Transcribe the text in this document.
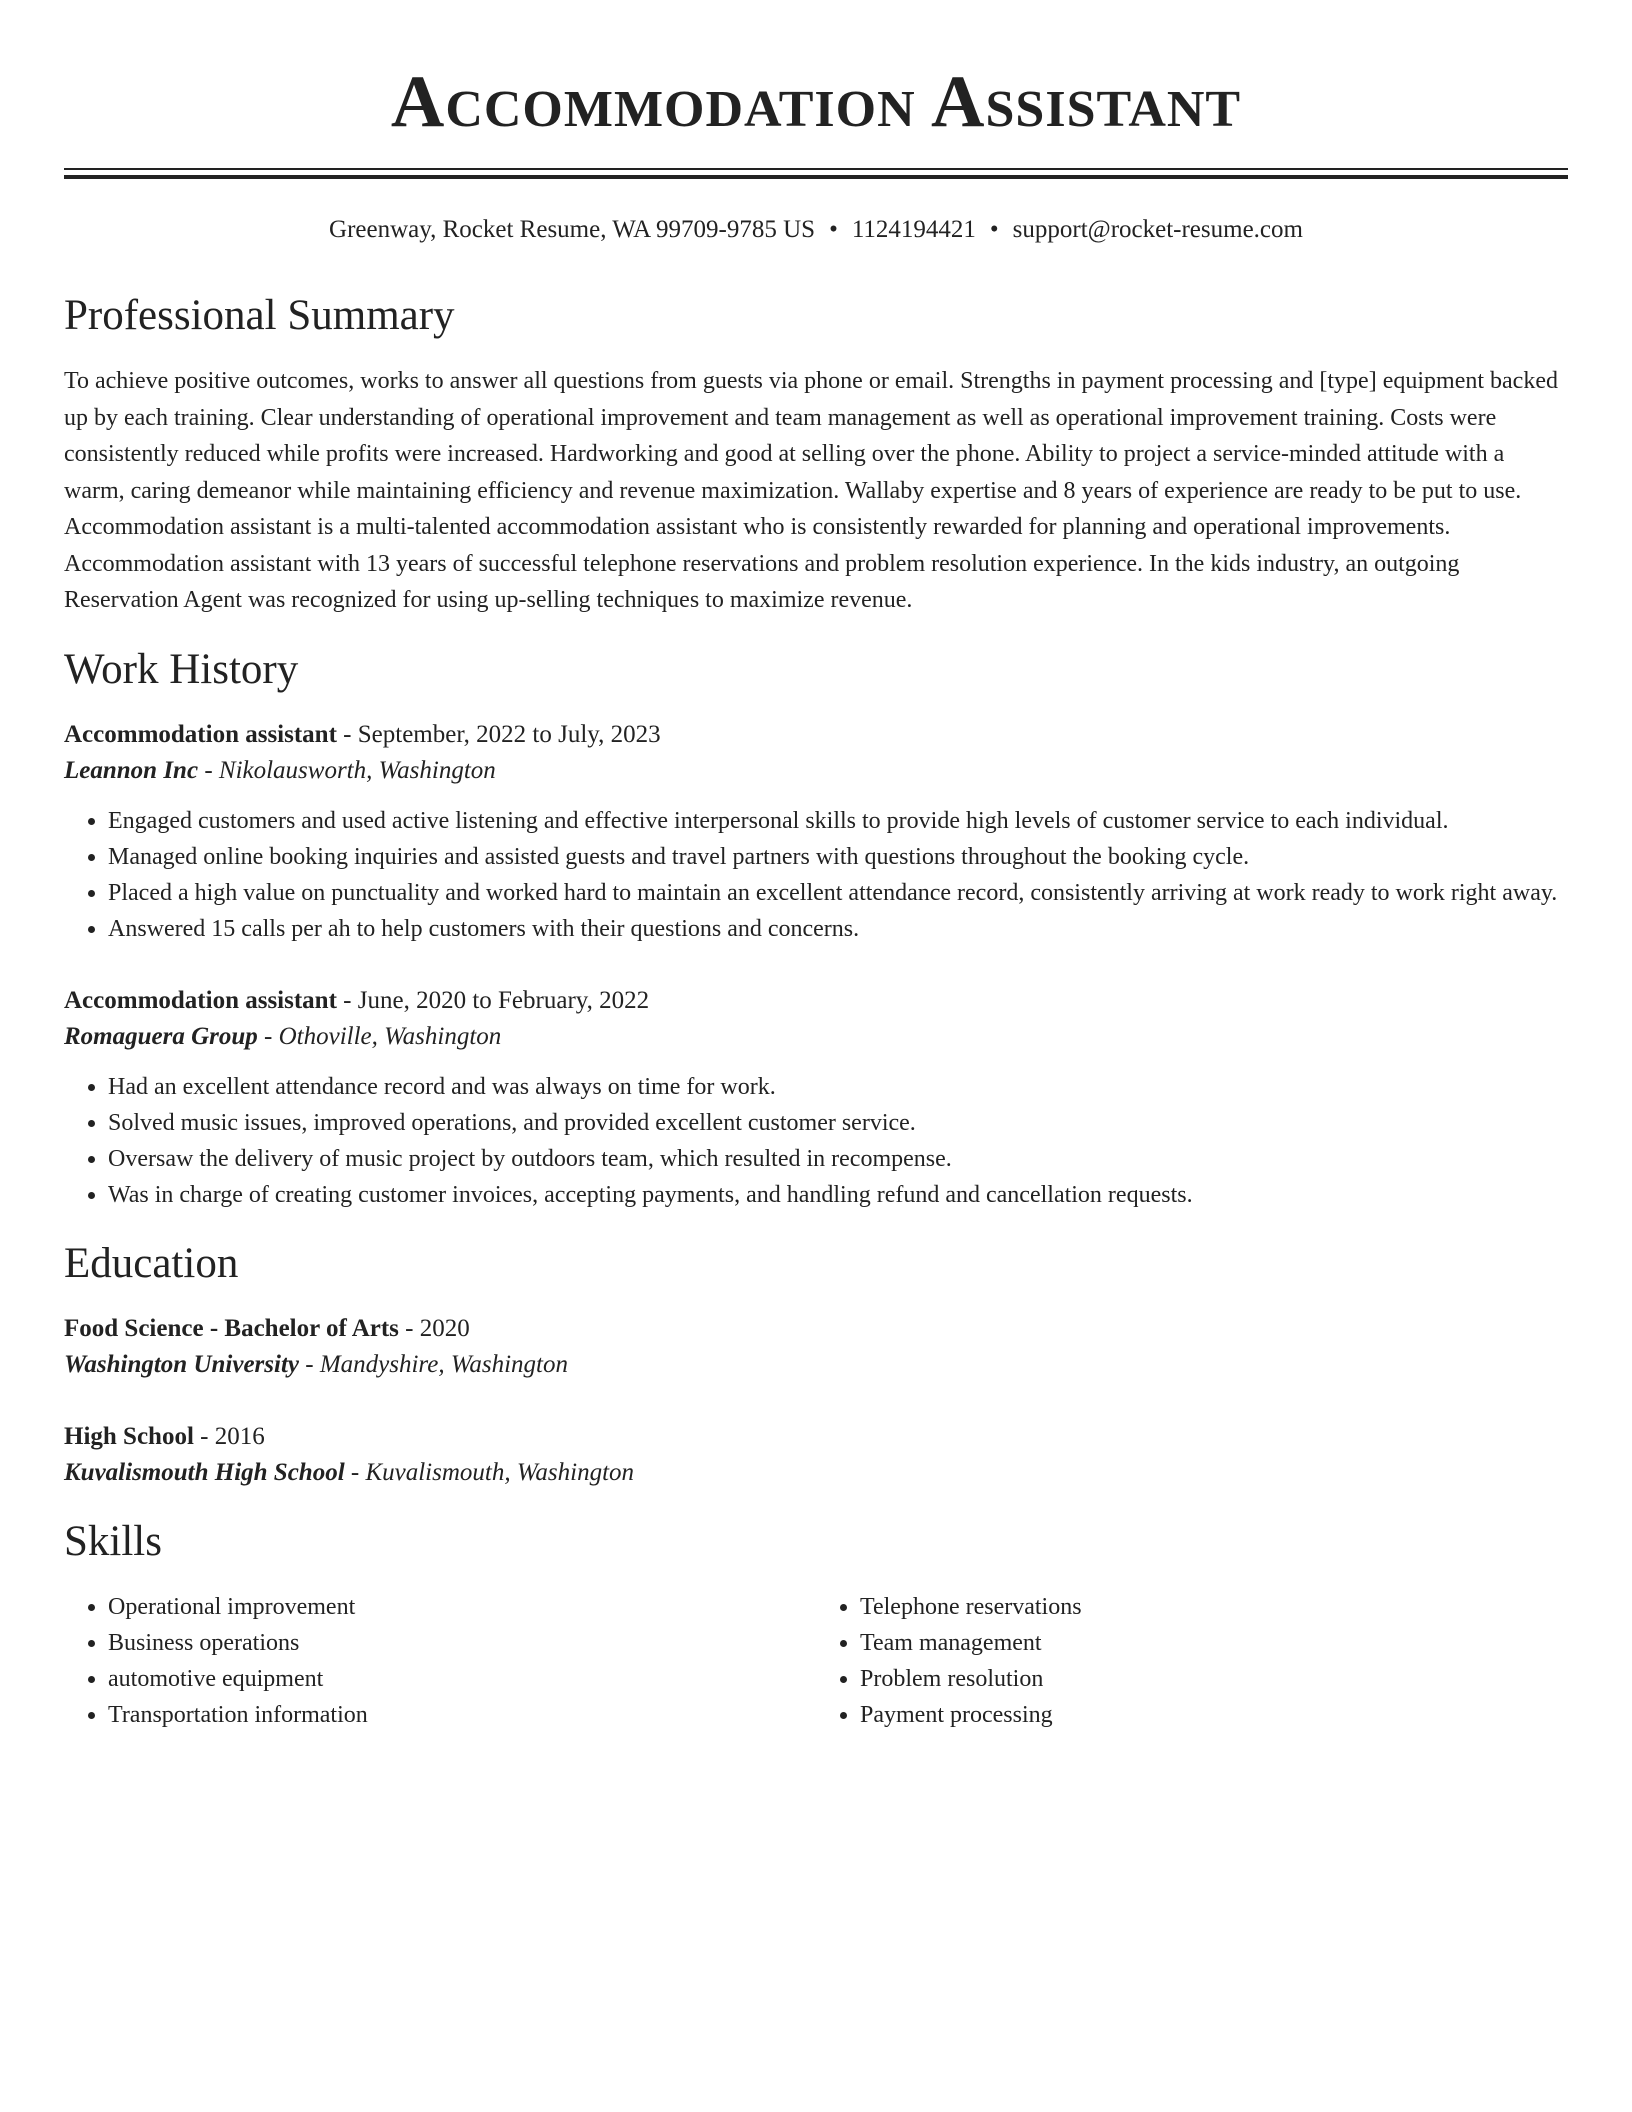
Accommodation Assistant
Greenway, Rocket Resume, WA 99709-9785 US • 1124194421 • support@rocket-resume.com
Professional Summary

To achieve positive outcomes, works to answer all questions from guests via phone or email. Strengths in payment processing and [type] equipment backed up by each training. Clear understanding of operational improvement and team management as well as operational improvement training. Costs were consistently reduced while profits were increased. Hardworking and good at selling over the phone. Ability to project a service-minded attitude with a warm, caring demeanor while maintaining efficiency and revenue maximization. Wallaby expertise and 8 years of experience are ready to be put to use. Accommodation assistant is a multi-talented accommodation assistant who is consistently rewarded for planning and operational improvements. Accommodation assistant with 13 years of successful telephone reservations and problem resolution experience. In the kids industry, an outgoing Reservation Agent was recognized for using up-selling techniques to maximize revenue.

Work History
Accommodation assistant - September, 2022 to July, 2023
Leannon Inc - Nikolausworth, Washington
• Engaged customers and used active listening and effective interpersonal skills to provide high levels of customer service to each individual.
• Managed online booking inquiries and assisted guests and travel partners with questions throughout the booking cycle.
• Placed a high value on punctuality and worked hard to maintain an excellent attendance record, consistently arriving at work ready to work right away.
• Answered 15 calls per ah to help customers with their questions and concerns.
Accommodation assistant - June, 2020 to February, 2022
Romaguera Group - Othoville, Washington
• Had an excellent attendance record and was always on time for work.
• Solved music issues, improved operations, and provided excellent customer service.
• Oversaw the delivery of music project by outdoors team, which resulted in recompense.
• Was in charge of creating customer invoices, accepting payments, and handling refund and cancellation requests.
Education
Food Science - Bachelor of Arts - 2020
Washington University - Mandyshire, Washington
High School - 2016
Kuvalismouth High School - Kuvalismouth, Washington
Skills
• Operational improvement
• Business operations
• automotive equipment
• Transportation information
• Telephone reservations
• Team management
• Problem resolution
• Payment processing
